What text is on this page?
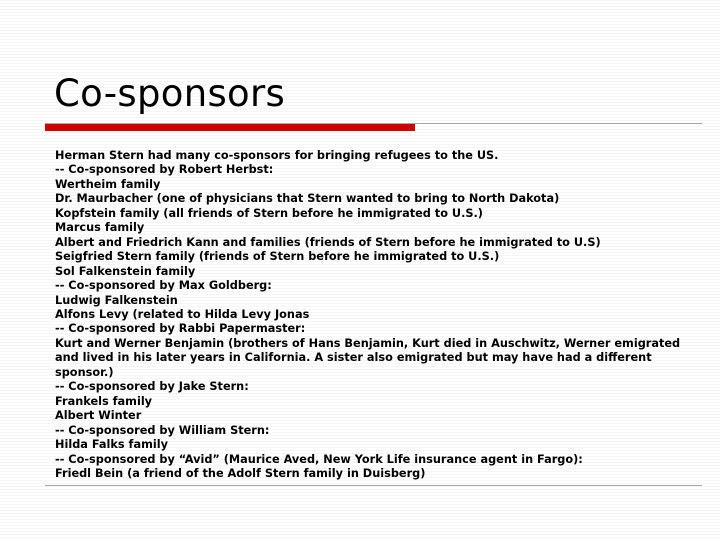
Co-sponsors
Herman Stern had many co-sponsors for bringing refugees to the US.
-- Co-sponsored by Robert Herbst:
Wertheim family
Dr. Maurbacher (one of physicians that Stern wanted to bring to North Dakota)
Kopfstein family (all friends of Stern before he immigrated to U.S.)
Marcus family
Albert and Friedrich Kann and families (friends of Stern before he immigrated to U.S)
Seigfried Stern family (friends of Stern before he immigrated to U.S.)
Sol Falkenstein family
-- Co-sponsored by Max Goldberg:
Ludwig Falkenstein
Alfons Levy (related to Hilda Levy Jonas
-- Co-sponsored by Rabbi Papermaster:
Kurt and Werner Benjamin (brothers of Hans Benjamin, Kurt died in Auschwitz, Werner emigrated and lived in his later years in California. A sister also emigrated but may have had a different sponsor.)
-- Co-sponsored by Jake Stern:
Frankels family
Albert Winter
-- Co-sponsored by William Stern:
Hilda Falks family
-- Co-sponsored by “Avid” (Maurice Aved, New York Life insurance agent in Fargo):
Friedl Bein (a friend of the Adolf Stern family in Duisberg)
